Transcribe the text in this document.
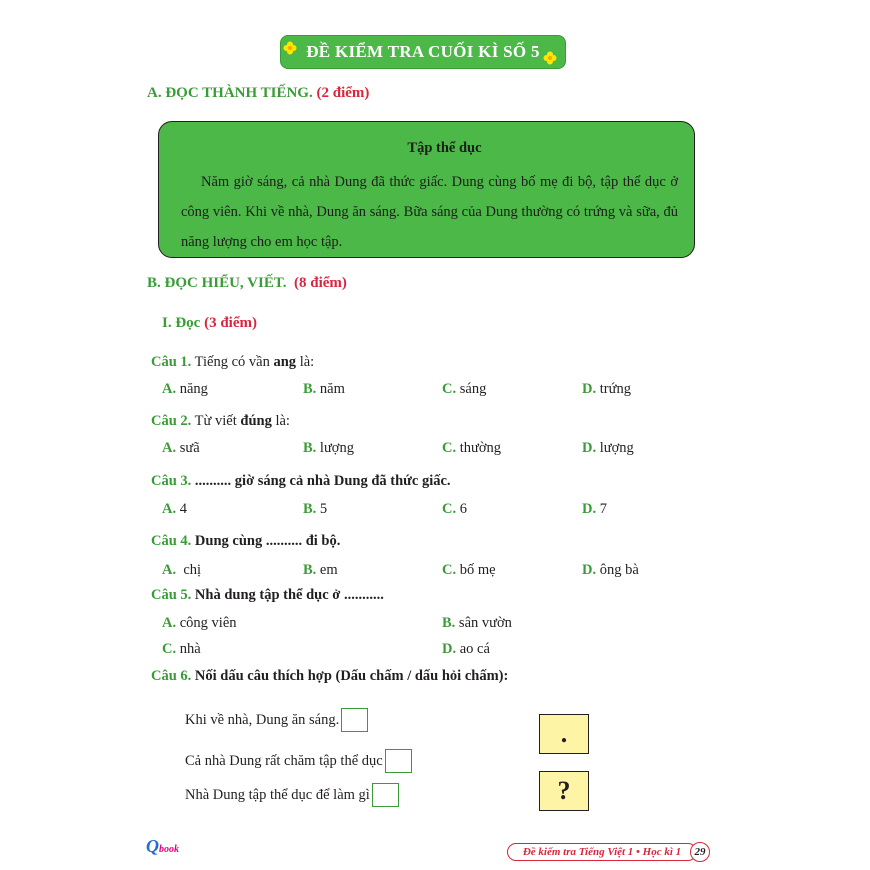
ĐỀ KIỂM TRA CUỐI KÌ SỐ 5
A. ĐỌC THÀNH TIẾNG. (2 điểm)
Tập thể dục
Năm giờ sáng, cả nhà Dung đã thức giấc. Dung cùng bố mẹ đi bộ, tập thể dục ở công viên. Khi về nhà, Dung ăn sáng. Bữa sáng của Dung thường có trứng và sữa, đủ năng lượng cho em học tập.
B. ĐỌC HIỂU, VIẾT. (8 điểm)
I. Đọc (3 điểm)
Câu 1. Tiếng có vần ang là:
A. năng	B. năm	C. sáng	D. trứng
Câu 2. Từ viết đúng là:
A. sưã	B. lượng	C. thường	D. lượng
Câu 3. .......... giờ sáng cả nhà Dung đã thức giấc.
A. 4	B. 5	C. 6	D. 7
Câu 4. Dung cùng .......... đi bộ.
A. chị	B. em	C. bố mẹ	D. ông bà
Câu 5. Nhà dung tập thể dục ở ...........
A. công viên	B. sân vườn
C. nhà	D. ao cá
Câu 6. Nối dấu câu thích hợp (Dấu chấm / dấu hỏi chấm):
Khi về nhà, Dung ăn sáng.
Cả nhà Dung rất chăm tập thể dục
Nhà Dung tập thể dục để làm gì
.
?
Q book	Đề kiểm tra Tiếng Việt 1 • Học kì 1 29
